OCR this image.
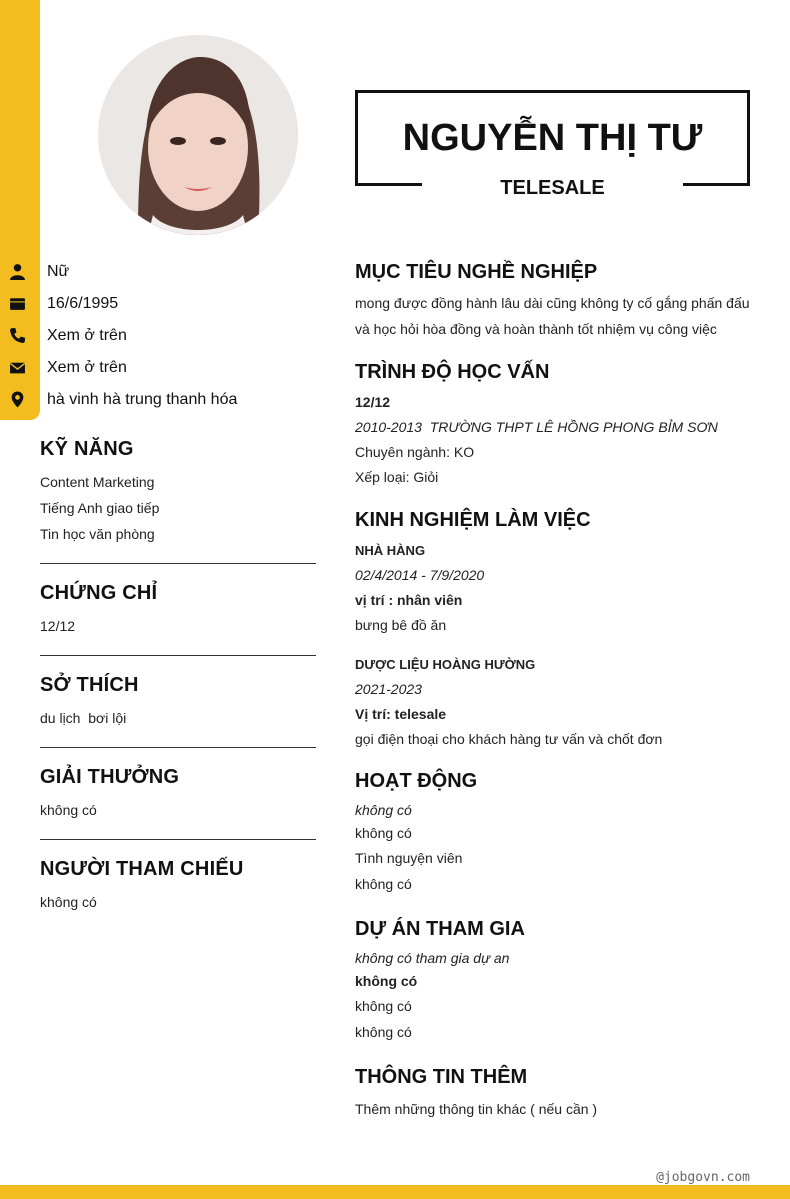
Nữ
16/6/1995
Xem ở trên
Xem ở trên
hà vinh hà trung thanh hóa
KỸ NĂNG
Content Marketing
Tiếng Anh giao tiếp
Tin học văn phòng
CHỨNG CHỈ
12/12
SỞ THÍCH
du lịch  bơi lội
GIẢI THƯỞNG
không có
NGƯỜI THAM CHIẾU
không có
NGUYỄN THỊ TƯ
TELESALE
MỤC TIÊU NGHỀ NGHIỆP
mong được đồng hành lâu dài cũng không ty cố gắng phấn đấu và học hỏi hòa đồng và hoàn thành tốt nhiệm vụ công việc
TRÌNH ĐỘ HỌC VẤN
12/12
2010-2013  TRƯỜNG THPT LÊ HỒNG PHONG BỈM SƠN
Chuyên ngành: KO
Xếp loại: Giỏi
KINH NGHIỆM LÀM VIỆC
NHÀ HÀNG
02/4/2014 - 7/9/2020
vị trí : nhân viên
bưng bê đồ ăn
DƯỢC LIỆU HOÀNG HƯỜNG
2021-2023
Vị trí: telesale
gọi điện thoại cho khách hàng tư vấn và chốt đơn
HOẠT ĐỘNG
không có
không có
Tình nguyện viên
không có
DỰ ÁN THAM GIA
không có tham gia dự an
không có
không có
không có
THÔNG TIN THÊM
Thêm những thông tin khác ( nếu cần )
@jobgovn.com
